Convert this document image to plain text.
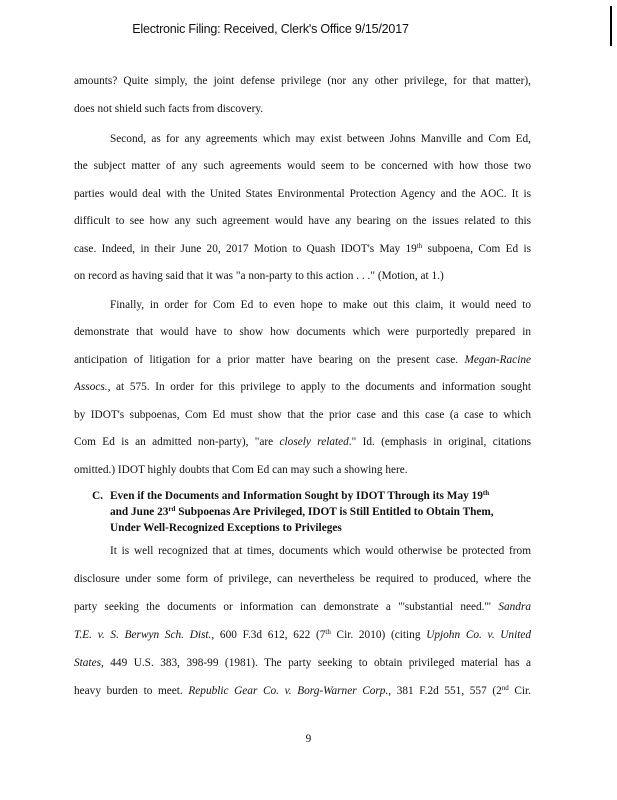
Electronic Filing: Received, Clerk's Office 9/15/2017
amounts? Quite simply, the joint defense privilege (nor any other privilege, for that matter),
does not shield such facts from discovery.
Second, as for any agreements which may exist between Johns Manville and Com Ed,
the subject matter of any such agreements would seem to be concerned with how those two
parties would deal with the United States Environmental Protection Agency and the AOC. It is
difficult to see how any such agreement would have any bearing on the issues related to this
case. Indeed, in their June 20, 2017 Motion to Quash IDOT's May 19th subpoena, Com Ed is
on record as having said that it was "a non-party to this action . . ." (Motion, at 1.)
Finally, in order for Com Ed to even hope to make out this claim, it would need to
demonstrate that would have to show how documents which were purportedly prepared in
anticipation of litigation for a prior matter have bearing on the present case. Megan-Racine
Assocs., at 575. In order for this privilege to apply to the documents and information sought
by IDOT's subpoenas, Com Ed must show that the prior case and this case (a case to which
Com Ed is an admitted non-party), "are closely related." Id. (emphasis in original, citations
omitted.) IDOT highly doubts that Com Ed can may such a showing here.
C. Even if the Documents and Information Sought by IDOT Through its May 19th
and June 23rd Subpoenas Are Privileged, IDOT is Still Entitled to Obtain Them,
Under Well-Recognized Exceptions to Privileges
It is well recognized that at times, documents which would otherwise be protected from
disclosure under some form of privilege, can nevertheless be required to produced, where the
party seeking the documents or information can demonstrate a "'substantial need.'" Sandra
T.E. v. S. Berwyn Sch. Dist., 600 F.3d 612, 622 (7th Cir. 2010) (citing Upjohn Co. v. United
States, 449 U.S. 383, 398-99 (1981). The party seeking to obtain privileged material has a
heavy burden to meet. Republic Gear Co. v. Borg-Warner Corp., 381 F.2d 551, 557 (2nd Cir.
9
